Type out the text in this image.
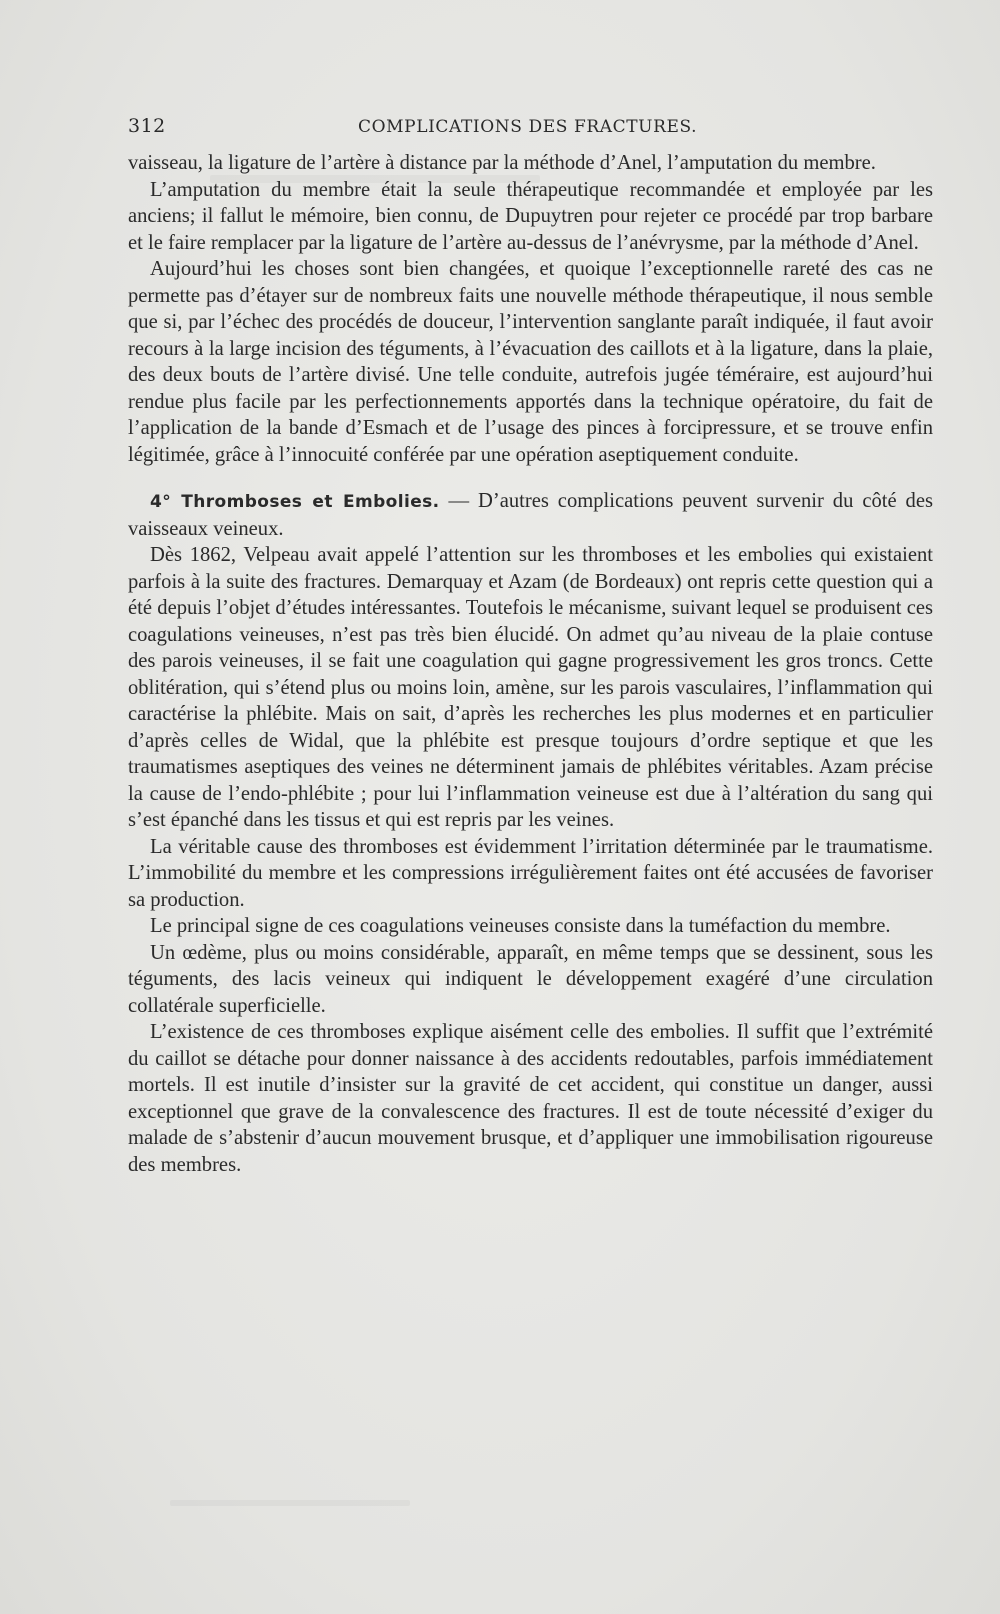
312	COMPLICATIONS DES FRACTURES.

vaisseau, la ligature de l’artère à distance par la méthode d’Anel, l’amputation du membre.

L’amputation du membre était la seule thérapeutique recommandée et employée par les anciens; il fallut le mémoire, bien connu, de Dupuytren pour rejeter ce procédé par trop barbare et le faire remplacer par la ligature de l’artère au-dessus de l’anévrysme, par la méthode d’Anel.

Aujourd’hui les choses sont bien changées, et quoique l’exceptionnelle rareté des cas ne permette pas d’étayer sur de nombreux faits une nouvelle méthode thérapeutique, il nous semble que si, par l’échec des procédés de douceur, l’intervention sanglante paraît indiquée, il faut avoir recours à la large incision des téguments, à l’évacuation des caillots et à la ligature, dans la plaie, des deux bouts de l’artère divisé. Une telle conduite, autrefois jugée téméraire, est aujourd’hui rendue plus facile par les perfectionnements apportés dans la technique opératoire, du fait de l’application de la bande d’Esmach et de l’usage des pinces à forcipressure, et se trouve enfin légitimée, grâce à l’innocuité conférée par une opération aseptiquement conduite.

4° Thromboses et Embolies. — D’autres complications peuvent survenir du côté des vaisseaux veineux.

Dès 1862, Velpeau avait appelé l’attention sur les thromboses et les embolies qui existaient parfois à la suite des fractures. Demarquay et Azam (de Bordeaux) ont repris cette question qui a été depuis l’objet d’études intéressantes. Toutefois le mécanisme, suivant lequel se produisent ces coagulations veineuses, n’est pas très bien élucidé. On admet qu’au niveau de la plaie contuse des parois veineuses, il se fait une coagulation qui gagne progressivement les gros troncs. Cette oblitération, qui s’étend plus ou moins loin, amène, sur les parois vasculaires, l’inflammation qui caractérise la phlébite. Mais on sait, d’après les recherches les plus modernes et en particulier d’après celles de Widal, que la phlébite est presque toujours d’ordre septique et que les traumatismes aseptiques des veines ne déterminent jamais de phlébites véritables. Azam précise la cause de l’endo-phlébite ; pour lui l’inflammation veineuse est due à l’altération du sang qui s’est épanché dans les tissus et qui est repris par les veines.

La véritable cause des thromboses est évidemment l’irritation déterminée par le traumatisme. L’immobilité du membre et les compressions irrégulièrement faites ont été accusées de favoriser sa production.

Le principal signe de ces coagulations veineuses consiste dans la tuméfaction du membre.

Un œdème, plus ou moins considérable, apparaît, en même temps que se dessinent, sous les téguments, des lacis veineux qui indiquent le développement exagéré d’une circulation collatérale superficielle.

L’existence de ces thromboses explique aisément celle des embolies. Il suffit que l’extrémité du caillot se détache pour donner naissance à des accidents redoutables, parfois immédiatement mortels. Il est inutile d’insister sur la gravité de cet accident, qui constitue un danger, aussi exceptionnel que grave de la convalescence des fractures. Il est de toute nécessité d’exiger du malade de s’abstenir d’aucun mouvement brusque, et d’appliquer une immobilisation rigoureuse des membres.
